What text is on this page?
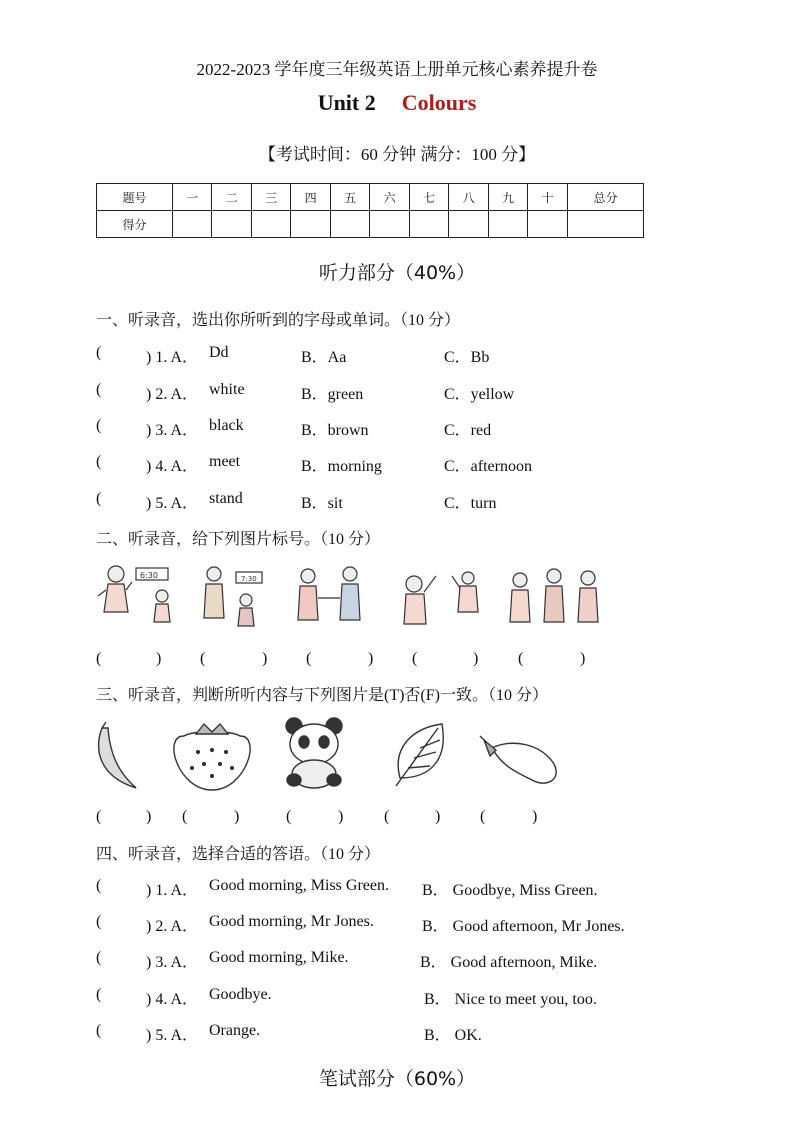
2022-2023 学年度三年级英语上册单元核心素养提升卷
Unit 2 Colours
【考试时间：60 分钟 满分：100 分】
题号	一	二	三	四	五	六	七	八	九	十	总分
得分											
听力部分（40%）
一、听录音，选出你所听到的字母或单词。（10 分）
(	) 1. A． Dd	B．Aa	C．Bb
(	) 2. A． white	B．green	C．yellow
(	) 3. A． black	B．brown	C．red
(	) 4. A． meet	B．morning	C．afternoon
(	) 5. A． stand	B．sit	C．turn
二、听录音，给下列图片标号。（10 分）
6:30	7:30
(	) (	) (	) (	) (	)
三、听录音，判断所听内容与下列图片是(T)否(F)一致。（10 分）
(	) (	)	(	)	(	) (	)
四、听录音，选择合适的答语。（10 分）
(	) 1. A． Good morning, Miss Green. B． Goodbye, Miss Green.
(	) 2. A． Good morning, Mr Jones.	B． Good afternoon, Mr Jones.
(	) 3. A． Good morning, Mike.	B． Good afternoon, Mike.
(	) 4. A． Goodbye.	B． Nice to meet you, too.
(	) 5. A． Orange.	B． OK.
笔试部分（60%）
